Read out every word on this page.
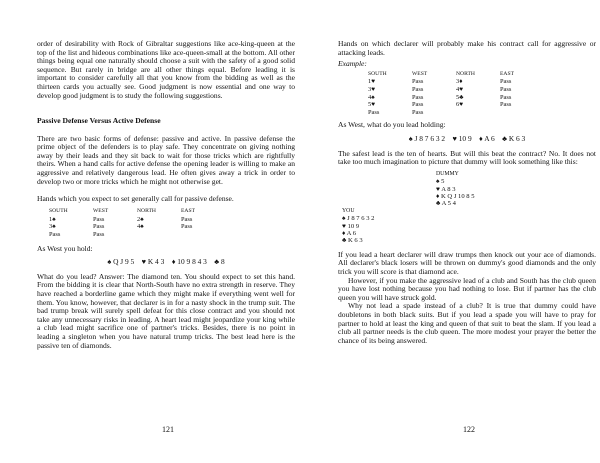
order of desirability with Rock of Gibraltar suggestions like ace-king-queen at the top of the list and hideous combinations like ace-queen-small at the bottom. All other things being equal one naturally should choose a suit with the safety of a good solid sequence. But rarely in bridge are all other things equal. Before leading it is important to consider carefully all that you know from the bidding as well as the thirteen cards you actually see. Good judgment is now essential and one way to develop good judgment is to study the following suggestions.

Passive Defense Versus Active Defense

There are two basic forms of defense: passive and active. In passive defense the prime object of the defenders is to play safe. They concentrate on giving nothing away by their leads and they sit back to wait for those tricks which are rightfully theirs. When a hand calls for active defense the opening leader is willing to make an aggressive and relatively dangerous lead. He often gives away a trick in order to develop two or more tricks which he might not otherwise get.

Hands which you expect to set generally call for passive defense.

SOUTH	WEST	NORTH	EAST
1♠	Pass	2♠	Pass
3♠	Pass	4♠	Pass
Pass	Pass		

As West you hold:

♠ Q J 9 5    ♥ K 4 3    ♦ 10 9 8 4 3    ♣ 8

What do you lead? Answer: The diamond ten. You should expect to set this hand. From the bidding it is clear that North-South have no extra strength in reserve. They have reached a borderline game which they might make if everything went well for them. You know, however, that declarer is in for a nasty shock in the trump suit. The bad trump break will surely spell defeat for this close contract and you should not take any unnecessary risks in leading. A heart lead might jeopardize your king while a club lead might sacrifice one of partner's tricks. Besides, there is no point in leading a singleton when you have natural trump tricks. The best lead here is the passive ten of diamonds.

121

Hands on which declarer will probably make his contract call for aggressive or attacking leads.

Example:

SOUTH	WEST	NORTH	EAST
1♥	Pass	3♦	Pass
3♥	Pass	4♥	Pass
4♠	Pass	5♣	Pass
5♥	Pass	6♥	Pass
Pass	Pass		

As West, what do you lead holding:

♠ J 8 7 6 3 2    ♥ 10 9    ♦ A 6    ♣ K 6 3

The safest lead is the ten of hearts. But will this beat the contract? No. It does not take too much imagination to picture that dummy will look something like this:

DUMMY
♠ 5
♥ A 8 3
♦ K Q J 10 8 5
♣ A 5 4
YOU
♠ J 8 7 6 3 2
♥ 10 9
♦ A 6
♣ K 6 3

If you lead a heart declarer will draw trumps then knock out your ace of diamonds. All declarer's black losers will be thrown on dummy's good diamonds and the only trick you will score is that diamond ace.

However, if you make the aggressive lead of a club and South has the club queen you have lost nothing because you had nothing to lose. But if partner has the club queen you will have struck gold.

Why not lead a spade instead of a club? It is true that dummy could have doubletons in both black suits. But if you lead a spade you will have to pray for partner to hold at least the king and queen of that suit to beat the slam. If you lead a club all partner needs is the club queen. The more modest your prayer the better the chance of its being answered.

122
